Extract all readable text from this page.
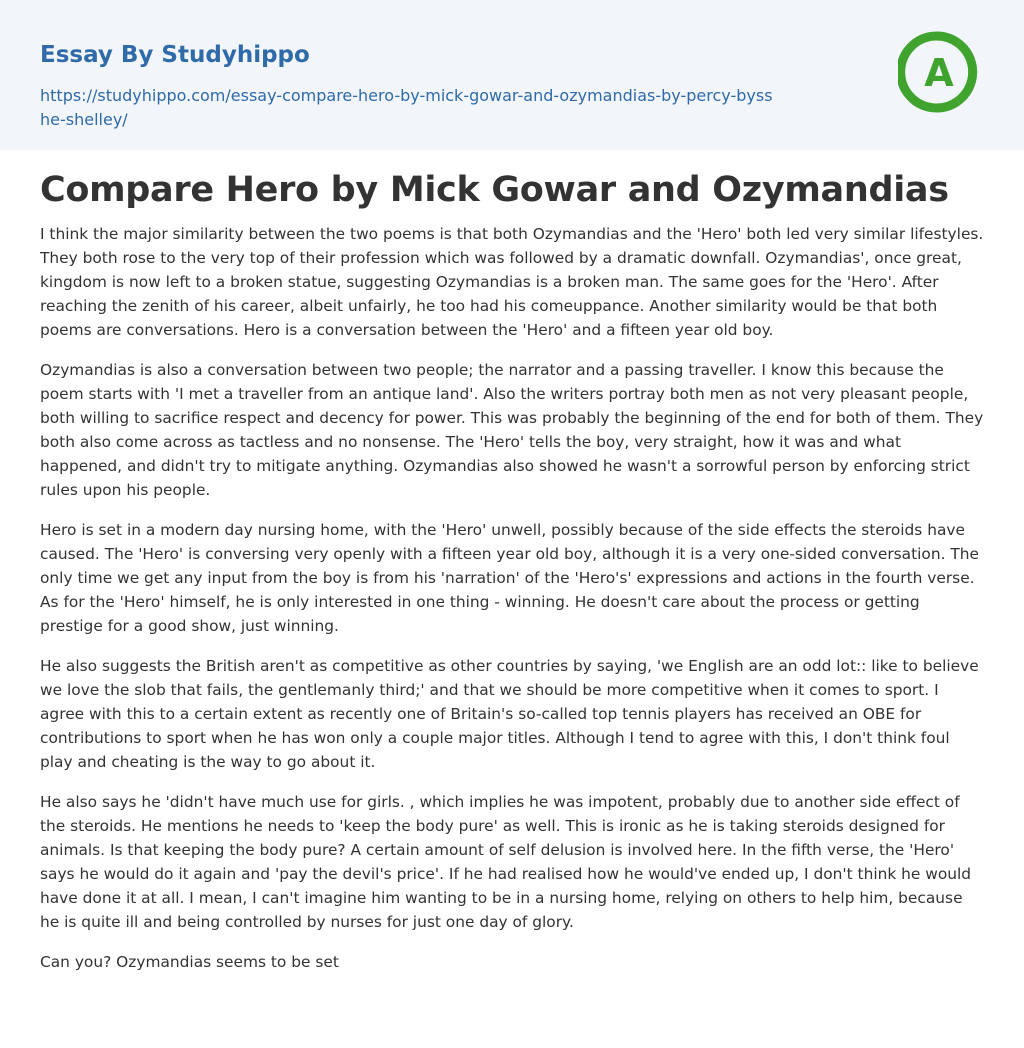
Essay By Studyhippo
https://studyhippo.com/essay-compare-hero-by-mick-gowar-and-ozymandias-by-percy-bysshe-shelley/
A
Compare Hero by Mick Gowar and Ozymandias

I think the major similarity between the two poems is that both Ozymandias and the 'Hero' both led very similar lifestyles. They both rose to the very top of their profession which was followed by a dramatic downfall. Ozymandias', once great, kingdom is now left to a broken statue, suggesting Ozymandias is a broken man. The same goes for the 'Hero'. After reaching the zenith of his career, albeit unfairly, he too had his comeuppance. Another similarity would be that both poems are conversations. Hero is a conversation between the 'Hero' and a fifteen year old boy.

Ozymandias is also a conversation between two people; the narrator and a passing traveller. I know this because the poem starts with 'I met a traveller from an antique land'. Also the writers portray both men as not very pleasant people, both willing to sacrifice respect and decency for power. This was probably the beginning of the end for both of them. They both also come across as tactless and no nonsense. The 'Hero' tells the boy, very straight, how it was and what happened, and didn't try to mitigate anything. Ozymandias also showed he wasn't a sorrowful person by enforcing strict rules upon his people.

Hero is set in a modern day nursing home, with the 'Hero' unwell, possibly because of the side effects the steroids have caused. The 'Hero' is conversing very openly with a fifteen year old boy, although it is a very one-sided conversation. The only time we get any input from the boy is from his 'narration' of the 'Hero's' expressions and actions in the fourth verse. As for the 'Hero' himself, he is only interested in one thing - winning. He doesn't care about the process or getting prestige for a good show, just winning.

He also suggests the British aren't as competitive as other countries by saying, 'we English are an odd lot:: like to believe we love the slob that fails, the gentlemanly third;' and that we should be more competitive when it comes to sport. I agree with this to a certain extent as recently one of Britain's so-called top tennis players has received an OBE for contributions to sport when he has won only a couple major titles. Although I tend to agree with this, I don't think foul play and cheating is the way to go about it.

He also says he 'didn't have much use for girls. , which implies he was impotent, probably due to another side effect of the steroids. He mentions he needs to 'keep the body pure' as well. This is ironic as he is taking steroids designed for animals. Is that keeping the body pure? A certain amount of self delusion is involved here. In the fifth verse, the 'Hero' says he would do it again and 'pay the devil's price'. If he had realised how he would've ended up, I don't think he would have done it at all. I mean, I can't imagine him wanting to be in a nursing home, relying on others to help him, because he is quite ill and being controlled by nurses for just one day of glory.

Can you? Ozymandias seems to be set
